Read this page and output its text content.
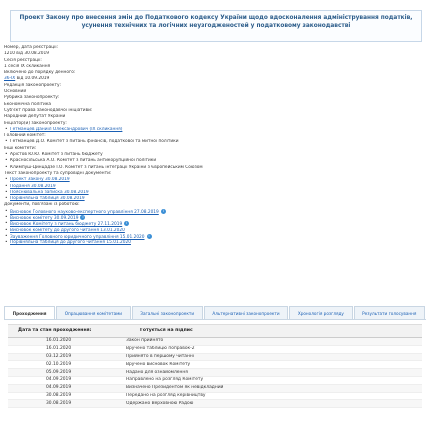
Проект Закону про внесення змін до Податкового кодексу України щодо вдосконалення адміністрування податків, усунення технічних та логічних неузгодженостей у податковому законодавстві
Номер, дата реєстрації:
1210 від 30.08.2019
Сесія реєстрації:
1 сесія IX скликання
Включено до порядку денного:
36-IX від 10.09.2019
Редакція законопроекту:
Основний
Рубрика законопроекту:
Економічна політика
Суб'єкт права законодавчої ініціативи:
Народний депутат України
Ініціатор(и) законопроекту:
• Гетманцев Даниїл Олександрович (IX скликання)
Головний комітет:
• Гетманцев Д.О. Комітет з питань фінансів, податкової та митної політики
Інші комітети:
• Арістов Ю.Ю. Комітет з питань бюджету
• Красносільська А.О. Комітет з питань антикорупційної політики
• Климпуш-Цинцадзе І.О. Комітет з питань інтеграції України з Європейським Союзом
Текст законопроекту та супровідні документи:
• Проект Закону 30.08.2019
• Подання 30.08.2019
• Пояснювальна записка 30.08.2019
• Порівняльна таблиця 30.08.2019
Документи, пов'язані із роботою:
• Висновок Головного науково-експертного управління 27.08.2019 i
• Висновок комітету 30.09.2019 i
• Висновок Комітету з питань бюджету 27.11.2019 i
• Висновок комітету до другого читання 13.01.2020
• Зауваження Головного юридичного управління 15.01.2020 i
• Порівняльна таблиця до другого читання 15.01.2020
Проходження	Опрацювання комітетами	Загальні законопроекти	Альтернативні законопроекти	Хронологія розгляду	Результати голосування
Дата та стан проходження:	Готується на підпис
16.01.2020	Закон прийнято
16.01.2020	Вручено таблицю поправок-2
03.12.2019	Прийнято в першому читанні
02.10.2019	Вручено висновок Комітету
05.09.2019	Надано для ознайомлення
04.09.2019	Направлено на розгляд Комітету
04.09.2019	Визначено Президентом як невідкладний
30.08.2019	Передано на розгляд керівництву
30.08.2019	Одержано Верховною Радою
